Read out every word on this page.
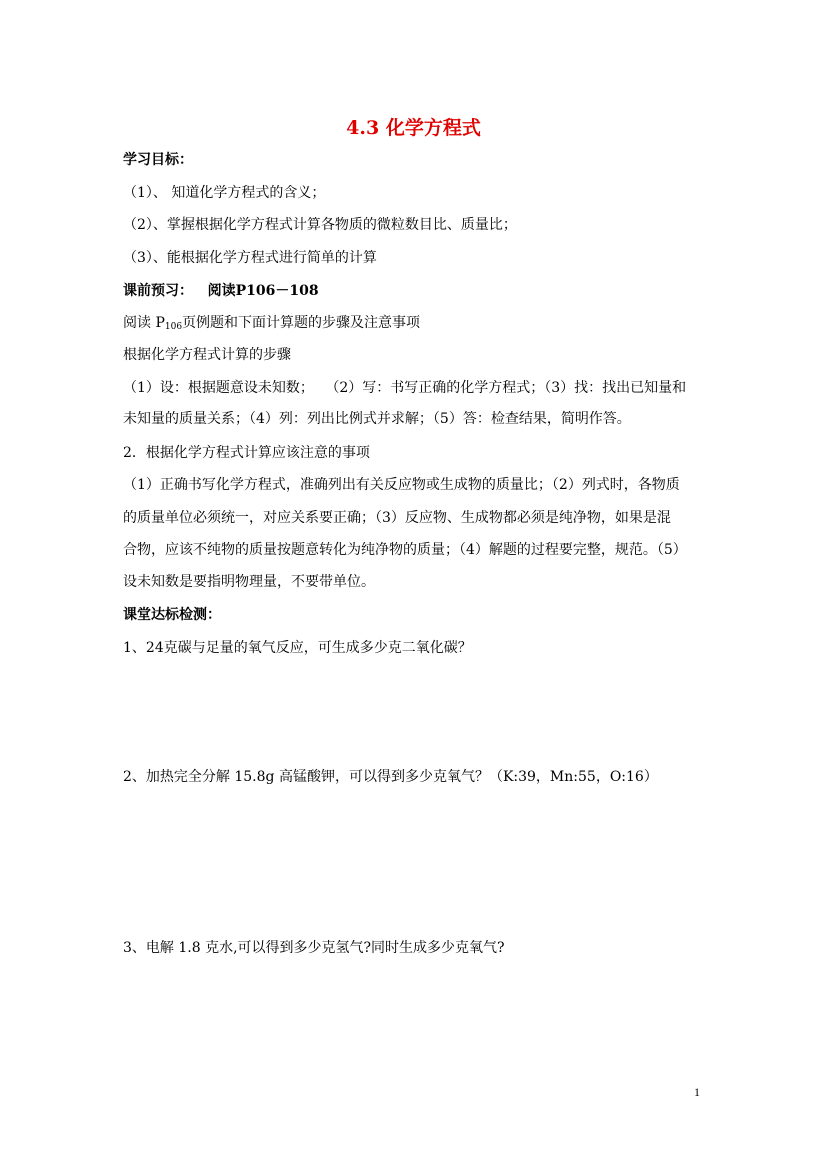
4.3 化学方程式
学习目标：
（1）、 知道化学方程式的含义；
（2）、掌握根据化学方程式计算各物质的微粒数目比、质量比；
（3）、能根据化学方程式进行简单的计算
课前预习： 阅读P106－108
阅读 $P_{106}$页例题和下面计算题的步骤及注意事项
根据化学方程式计算的步骤
（1）设：根据题意设未知数；　 （2）写：书写正确的化学方程式；（3）找：找出已知量和
未知量的质量关系；（4）列：列出比例式并求解；（5）答：检查结果，简明作答。
2．根据化学方程式计算应该注意的事项
（1）正确书写化学方程式，准确列出有关反应物或生成物的质量比；（2）列式时，各物质
的质量单位必须统一，对应关系要正确；（3）反应物、生成物都必须是纯净物，如果是混
合物，应该不纯物的质量按题意转化为纯净物的质量；（4）解题的过程要完整，规范。（5）
设未知数是要指明物理量，不要带单位。
课堂达标检测：
1、24克碳与足量的氧气反应，可生成多少克二氧化碳？
2、加热完全分解 15.8g 高锰酸钾，可以得到多少克氧气？（K:39，Mn:55，O:16）
3、电解 1.8 克水,可以得到多少克氢气?同时生成多少克氧气?
1
